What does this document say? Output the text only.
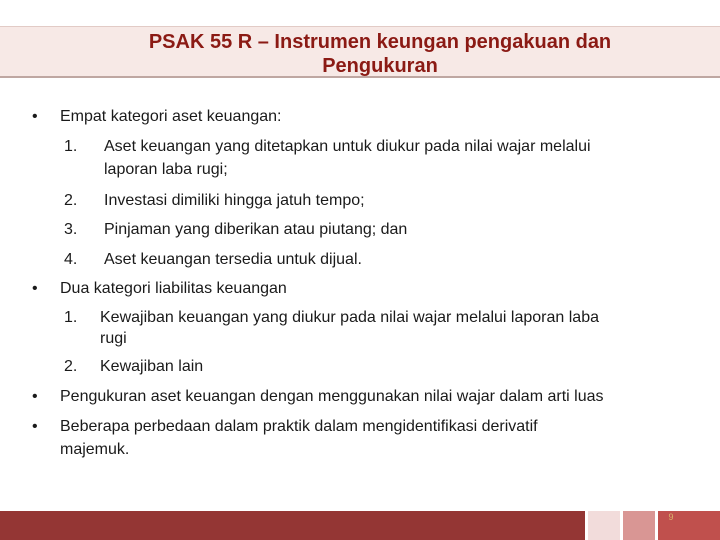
PSAK 55 R – Instrumen keungan pengakuan dan
Pengukuran
• Empat kategori aset keuangan:
1. Aset keuangan yang ditetapkan untuk diukur pada nilai wajar melalui
laporan laba rugi;
2. Investasi dimiliki hingga jatuh tempo;
3. Pinjaman yang diberikan atau piutang; dan
4. Aset keuangan tersedia untuk dijual.
• Dua kategori liabilitas keuangan
1. Kewajiban keuangan yang diukur pada nilai wajar melalui laporan laba
rugi
2. Kewajiban lain
• Pengukuran aset keuangan dengan menggunakan nilai wajar dalam arti luas
• Beberapa perbedaan dalam praktik dalam mengidentifikasi derivatif
majemuk.
9
